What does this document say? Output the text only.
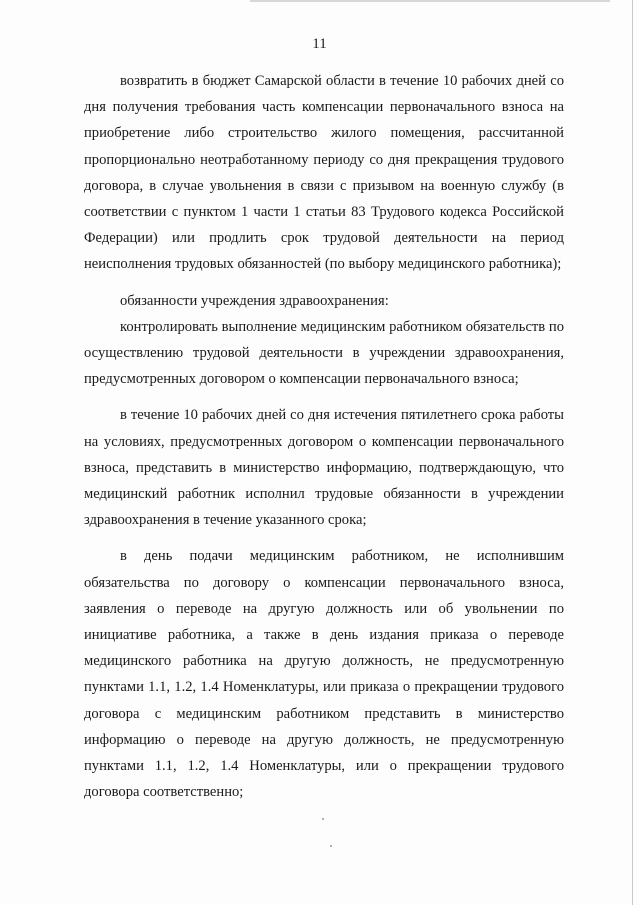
11

возвратить в бюджет Самарской области в течение 10 рабочих дней со дня получения требования часть компенсации первоначального взноса на приобретение либо строительство жилого помещения, рассчитанной пропорционально неотработанному периоду со дня прекращения трудового договора, в случае увольнения в связи с призывом на военную службу (в соответствии с пунктом 1 части 1 статьи 83 Трудового кодекса Российской Федерации) или продлить срок трудовой деятельности на период неисполнения трудовых обязанностей (по выбору медицинского работника);

обязанности учреждения здравоохранения:

контролировать выполнение медицинским работником обязательств по осуществлению трудовой деятельности в учреждении здравоохранения, предусмотренных договором о компенсации первоначального взноса;

в течение 10 рабочих дней со дня истечения пятилетнего срока работы на условиях, предусмотренных договором о компенсации первоначального взноса, представить в министерство информацию, подтверждающую, что медицинский работник исполнил трудовые обязанности в учреждении здравоохранения в течение указанного срока;

в день подачи медицинским работником, не исполнившим обязательства по договору о компенсации первоначального взноса, заявления о переводе на другую должность или об увольнении по инициативе работника, а также в день издания приказа о переводе медицинского работника на другую должность, не предусмотренную пунктами 1.1, 1.2, 1.4 Номенклатуры, или приказа о прекращении трудового договора с медицинским работником представить в министерство информацию о переводе на другую должность, не предусмотренную пунктами 1.1, 1.2, 1.4 Номенклатуры, или о прекращении трудового договора соответственно;
